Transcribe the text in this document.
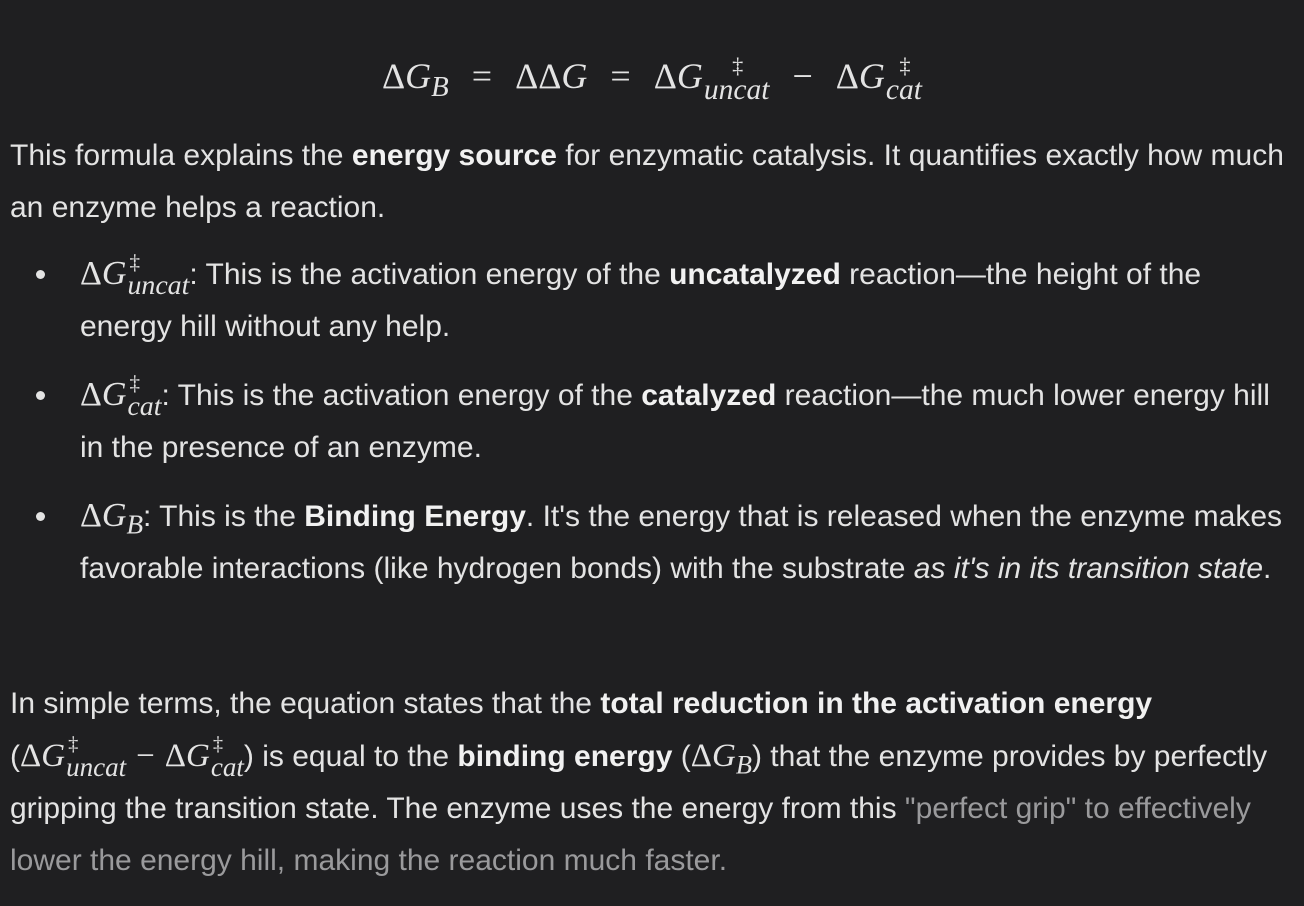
$\Delta G_B = \Delta\Delta G = \Delta G$	‡
uncat − ΔG ‡
cat

This formula explains the energy source for enzymatic catalysis. It quantifies exactly how much an enzyme helps a reaction.

ΔG ‡
uncat : This is the activation energy of the uncatalyzed reaction—the height of the energy hill without any help.
ΔG ‡
cat : This is the activation energy of the catalyzed reaction—the much lower energy hill in the presence of an enzyme.
$\Delta G_B$: This is the Binding Energy. It's the energy that is released when the enzyme makes favorable interactions (like hydrogen bonds) with the substrate as it's in its transition state.

In simple terms, the equation states that the total reduction in the activation energy (ΔG ‡
uncat − ΔG ‡
cat ) is equal to the binding energy $(\Delta G_B)$ that the enzyme provides by perfectly gripping the transition state. The enzyme uses the energy from this "perfect grip" to effectively lower the energy hill, making the reaction much faster.
